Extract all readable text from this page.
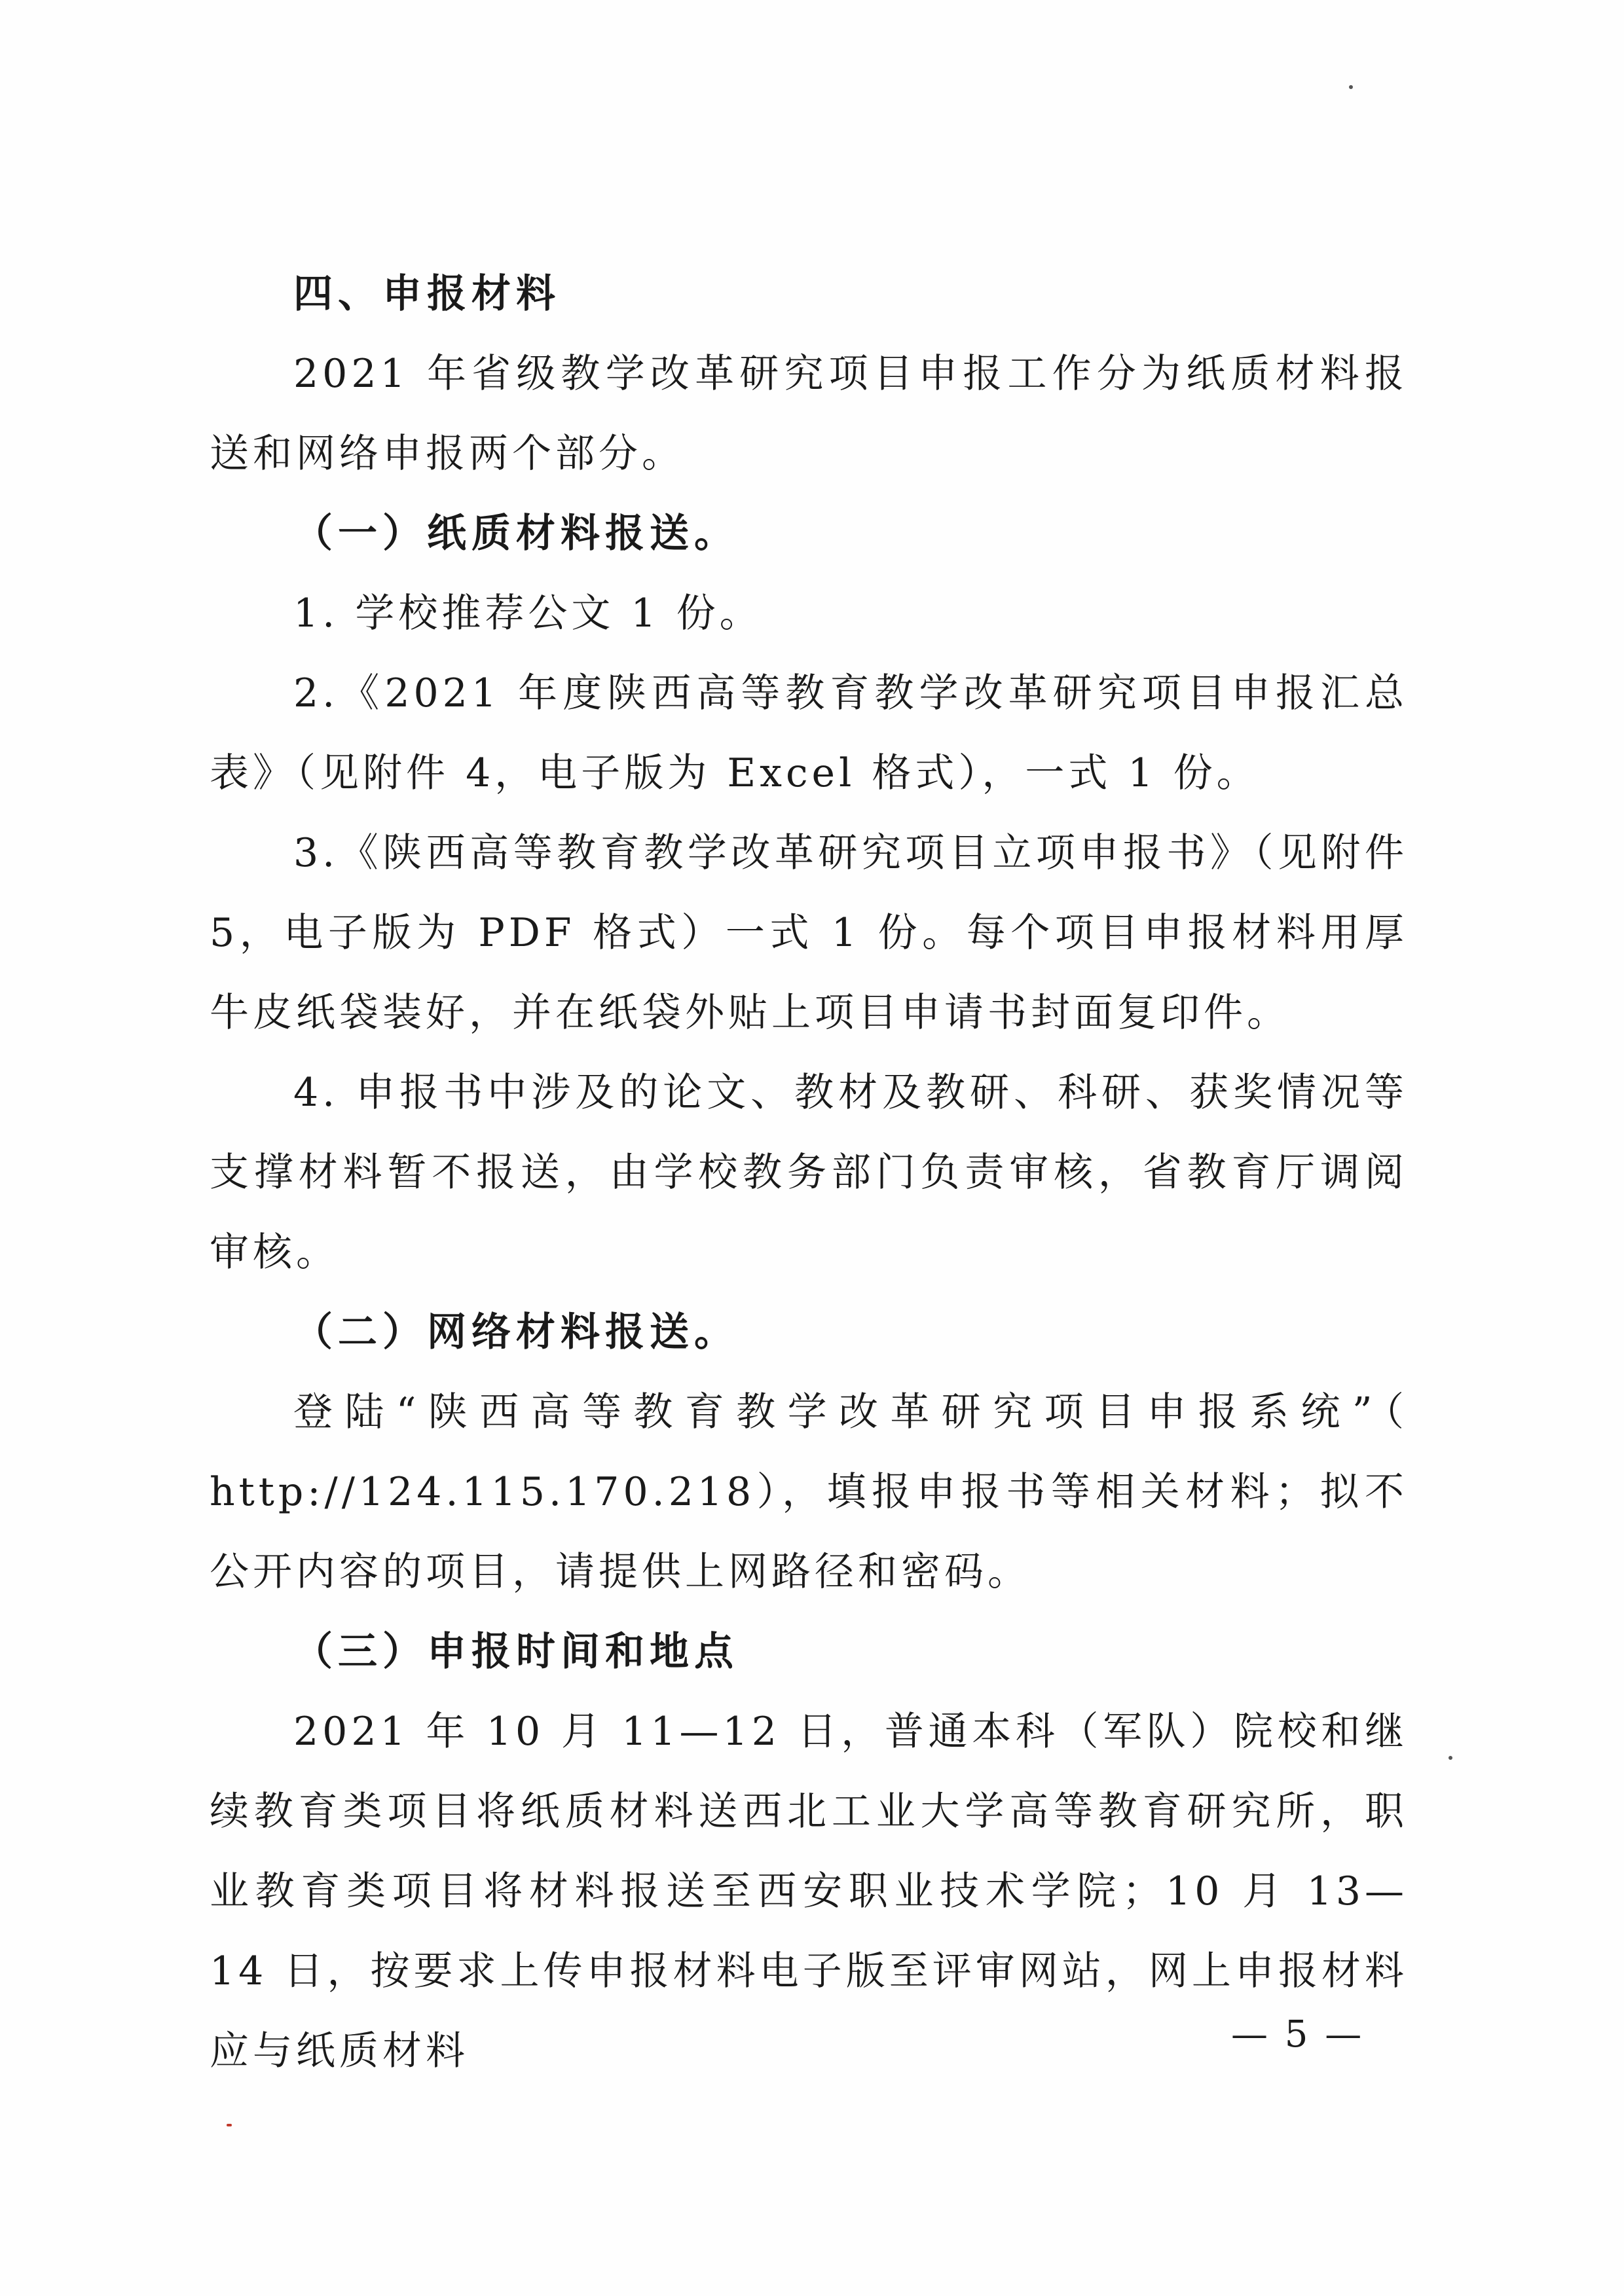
四、申报材料

2021 年省级教学改革研究项目申报工作分为纸质材料报送和网络申报两个部分。

（一）纸质材料报送。

1. 学校推荐公文 1 份。

2.《2021 年度陕西高等教育教学改革研究项目申报汇总表》（见附件 4，电子版为 Excel 格式），一式 1 份。

3.《陕西高等教育教学改革研究项目立项申报书》（见附件 5，电子版为 PDF 格式）一式 1 份。每个项目申报材料用厚牛皮纸袋装好，并在纸袋外贴上项目申请书封面复印件。

4. 申报书中涉及的论文、教材及教研、科研、获奖情况等支撑材料暂不报送，由学校教务部门负责审核，省教育厅调阅审核。

（二）网络材料报送。

登陆“陕西高等教育教学改革研究项目申报系统”（ http://124.115.170.218），填报申报书等相关材料；拟不公开内容的项目，请提供上网路径和密码。

（三）申报时间和地点

2021 年 10 月 11—12 日，普通本科（军队）院校和继续教育类项目将纸质材料送西北工业大学高等教育研究所，职业教育类项目将材料报送至西安职业技术学院；10 月 13—14 日，按要求上传申报材料电子版至评审网站，网上申报材料应与纸质材料	— 5 —
